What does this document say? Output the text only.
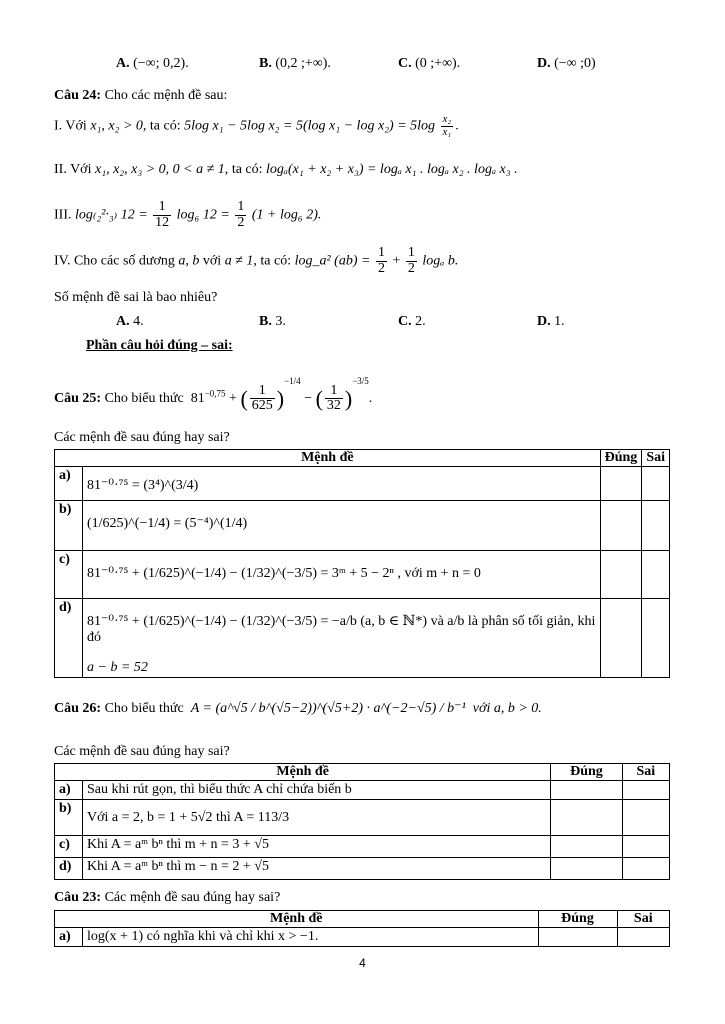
A. (−∞; 0,2).	B. (0,2 ;+∞).	C. (0 ;+∞).	D. (−∞ ;0)
Câu 24: Cho các mệnh đề sau:
I. Với x₁, x₂ > 0, ta có: 5log x₁ − 5log x₂ = 5(log $x_1 - \log x_2) = 5\log \frac{\text{x₂}}{\text{x₁}}$ .
II. Với x₁, x₂, x₃ > 0, 0 < a ≠ 1, ta có: logₐ(x₁ + x₂ + x₃) = logₐ x₁ . logₐ x₂ . logₐ x₃ .
III. log₍₂²·₃₎ $12 = \frac{1}{12} \log_6$ $12 = \frac{1}{2} (1 + \log_6$ 2).
IV. Cho các số dương a, b với a ≠ 1, ta có: log_a² $(ab) = \frac{1}{2} + \frac{1}{2}$ logₐ b.
Số mệnh đề sai là bao nhiêu?
A. 4.	B. 3.	C. 2.	D. 1.
Phần câu hỏi đúng – sai:
Câu 25: Cho biểu thức $81^{-0,75}$ + ( $\frac{1}{625} )^{-1/4}$ − ( $\frac{1}{32} )^{-3/5}$.
Các mệnh đề sau đúng hay sai?
Mệnh đề		Đúng	Sai
a)	81⁻⁰·⁷⁵ = (3⁴)^(3/4)		
b)	(1/625)^(−1/4) = (5⁻⁴)^(1/4)		
c)	81⁻⁰·⁷⁵ + (1/625)^(−1/4) − (1/32)^(−3/5) = 3ᵐ + 5 − 2ⁿ , với m + n = 0		
d)	81⁻⁰·⁷⁵ + (1/625)^(−1/4) − (1/32)^(−3/5) = −a/b (a, b ∈ ℕ*) và a/b là phân số tối giản, khi đó
a − b = 52		

Câu 26: Cho biểu thức A = (a^√5 / b^(√5−2))^(√5+2) · a^(−2−√5) / b⁻¹ với a, b > 0.
Các mệnh đề sau đúng hay sai?
Mệnh đề		Đúng	Sai
a)	Sau khi rút gọn, thì biểu thức A chỉ chứa biến b		
b)	Với a = 2, b = 1 + 5√2 thì A = 113/3		
c)	Khi A = aᵐ bⁿ thì m + n = 3 + √5		
d)	Khi A = aᵐ bⁿ thì m − n = 2 + √5		
Câu 23: Các mệnh đề sau đúng hay sai?
Mệnh đề		Đúng	Sai
a)	log(x + 1) có nghĩa khi và chỉ khi x > −1.		
4
